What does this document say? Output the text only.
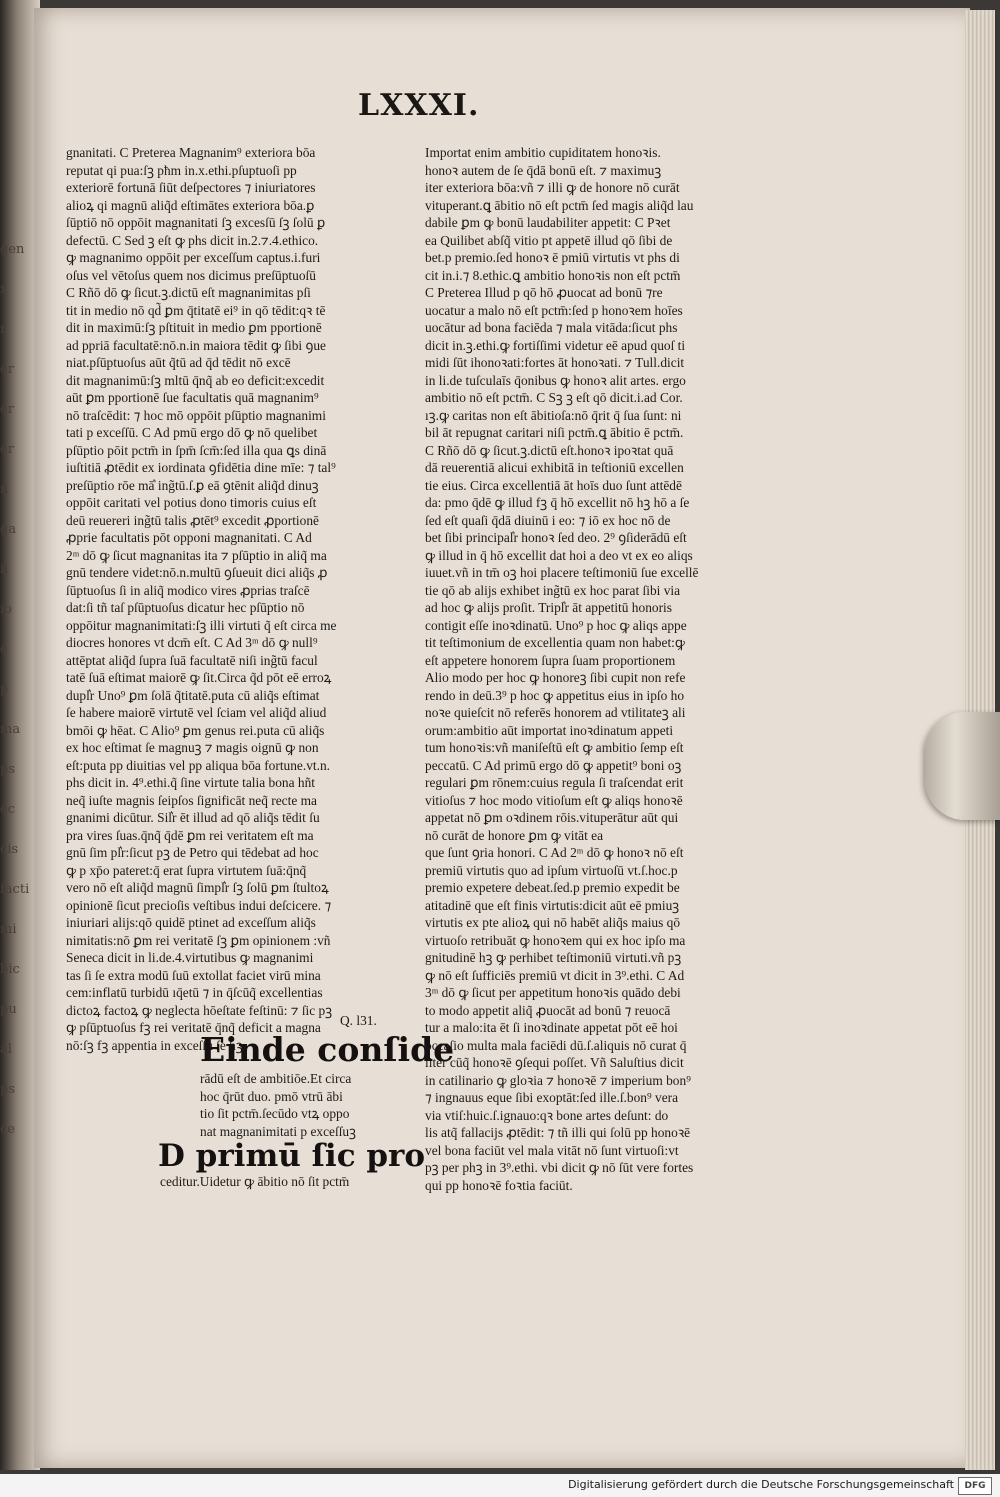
gen
x
r
er
er
er
n
ga
ii
io
e
p
ma
ps
ec
cis
facti
mi
bic
pu
al
ps
ce
LXXXI.
gnanitati. C Preterea Magnanim⁹ exteriora bōa
reputat qi pua:ſꝫ pħm in.x.ethi.pſuptuoſi pp
exteriorē fortunā ſiūt deſpectores ⁊ iniuriatores
alioꝝ qi magnū aliq̃d eſtimātes exteriora bōa.ꝑ
ſūptiō nō oppōit magnanitati ſꝫ excesſū ſꝫ ſolū ꝑ
defectū. C Sed ꝫ eſt ꝙ phs dicit in.2.⁊.4.ethico.
ꝙ magnanimo oppōit per exceſſum captus.i.furi
oſus vel vētoſus quem nos dicimus preſūptuoſū
C Rñō dō ꝙ ſicut.ꝫ.dictū eſt magnanimitas pſi
tit in medio nō qd̃ ꝑm q̄titatē ei⁹ in qō tēdit:qꝛ tē
dit in maximū:ſꝫ pſtituit in medio ꝑm pportionē
ad ppriā facultatē:nō.n.in maiora tēdit ꝙ ſibi ꝯue
niat.pſūptuoſus aūt q̃tū ad q̄d tēdit nō excē
dit magnanimū:ſꝫ mltū q̄nq̃ ab eo deficit:excedit
aūt ꝑm pportionē ſue facultatis quā magnanim⁹
nō traſcēdit: ⁊ hoc mō oppōit pſūptio magnanimi
tati p exceſſū. C Ad pmū ergo dō ꝙ nō quelibet
pſūptio pōit pctm̄ in ſpm̄ ſcm̄:ſed illa qua ꝗs dinā
iuſtitiā ꝓtēdit ex iordinata ꝯfidētia dine mīe: ⁊ tal⁹
preſūptio rōe mā͛ ing̃tū.ſ.ꝑ eā ꝯtēnit aliq̃d dinuꝫ
oppōit caritati vel potius dono timoris cuius eſt
deū reuereri ing̃tū talis ꝓtēt⁹ excedit ꝓportionē
ꝓprie facultatis pōt opponi magnanitati. C Ad
2ᵐ dō ꝙ ſicut magnanitas ita ⁊ pſūptio in aliq̃ ma
gnū tendere videt:nō.n.multū ꝯſueuit dici aliq̃s ꝓ
ſūptuoſus ſi in aliq̃ modico vires ꝓprias traſcē
dat:ſi tñ taſ pſūptuoſus dicatur hec pſūptio nō
oppōitur magnanimitati:ſꝫ illi virtuti q̃ eſt circa me
diocres honores vt dcm̄ eſt. C Ad 3ᵐ dō ꝙ null⁹
attēptat aliq̃d ſupra ſuā facultatē niſi ing̃tū facul
tatē ſuā eſtimat maiorē ꝙ ſit.Circa q̃d pōt eē erroꝝ
dupl͛r Uno⁹ ꝑm ſolā q̃titatē.puta cū aliq̃s eſtimat
ſe habere maiorē virtutē vel ſciam vel aliq̃d aliud
bmōi ꝙ hēat. C Alio⁹ ꝑm genus rei.puta cū aliq̃s
ex hoc eſtimat ſe magnuꝫ ⁊ magis oignū ꝙ non
eſt:puta pp diuitias vel pp aliqua bōa fortune.vt.n.
phs dicit in. 4⁹.ethi.q̃ ſine virtute talia bona hñt
neq̃ iuſte magnis ſeipſos ſignificāt neq̃ recte ma
gnanimi dicūtur. Sil͛r ēt illud ad qō aliq̃s tēdit ſu
pra vires ſuas.q̄nq̃ q̄dē ꝑm rei veritatem eſt ma
gnū ſim pl͛r:ſicut pꝫ de Petro qui tēdebat ad hoc
ꝙ p xp̄o pateret:q̄ erat ſupra virtutem ſuā:q̄nq̃
vero nō eſt aliq̃d magnū ſimpl͛r ſꝫ ſolū ꝑm ſtultoꝝ
opinionē ſicut precioſis veſtibus indui deſcicere. ⁊
iniuriari alijs:qō quidē ptinet ad exceſſum aliq̃s
nimitatis:nō ꝑm rei veritatē ſꝫ ꝑm opinionem :vñ
Seneca dicit in li.de.4.virtutibus ꝙ magnanimi
tas ſi ſe extra modū ſuū extollat faciet virū mina
cem:inflatū turbidū ıq̄etū ⁊ in q̄ſcūq̃ excellentias
dictoꝝ factoꝝ ꝙ neglecta hōeſtate feſtinū: ⁊ ſic pꝫ
ꝙ pſūptuoſus fꝫ rei veritatē q̄nq̃ deficit a magna
nō:ſꝫ fꝫ appentia in exceſſu ſe hꝫ.
Q. l31.
Einde conſide
rādū eſt de ambitiōe.Et circa
hoc q̄rūt duo. pmō vtrū ābi
tio ſit pctm̄.ſecūdo vtꝝ oppo
nat magnanimitati p exceſſuꝫ
D primū ſic pro
ceditur.Uidetur ꝙ ābitio nō ſit pctm̄
Importat enim ambitio cupiditatem honoꝛis.
honoꝛ autem de ſe q̄dā bonū eſt. ⁊ maximuꝫ
iter exteriora bōa:vñ ⁊ illi ꝙ de honore nō curāt
vituperant.ꝗ ābitio nō eſt pctm̄ ſed magis aliq̃d lau
dabile ꝑm ꝙ bonū laudabiliter appetit: C Pꝛet
ea Quilibet abſq̃ vitio pt appetē illud qō ſibi de
bet.p premio.ſed honoꝛ ē pmiū virtutis vt phs di
cit in.i.⁊ 8.ethic.ꝗ ambitio honoꝛis non eſt pctm̄
C Preterea Illud p qō hō ꝓuocat ad bonū ⁊re
uocatur a malo nō eſt pctm̄:ſed p honoꝛem hoīes
uocātur ad bona faciēda ⁊ mala vitāda:ſicut phs
dicit in.ꝫ.ethi.ꝙ fortiſſimi videtur eē apud quoſ ti
midi ſūt ihonoꝛati:fortes āt honoꝛati. ⁊ Tull.dicit
in li.de tuſculaīs q̄onibus ꝙ honoꝛ alit artes. ergo
ambitio nō eſt pctm̄. C Sꝫ ꝫ eſt qō dicit.i.ad Cor.
ıꝫ.ꝙ caritas non eſt ābitioſa:nō q̄rit q̄ ſua ſunt: ni
bil āt repugnat caritari niſi pctm̄.ꝗ ābitio ē pctm̄.
C Rñō dō ꝙ ſicut.ꝫ.dictū eſt.honoꝛ ipoꝛtat quā
dā reuerentiā alicui exhibitā in teſtioniū excellen
tie eius. Circa excellentiā āt hoīs duo ſunt attēdē
da: pmo q̄dē ꝙ illud fꝫ q̄ hō excellit nō hꝫ hō a ſe
ſed eſt quaſi q̄dā diuinū i eo: ⁊ iō ex hoc nō de
bet ſibi principal͛r honoꝛ ſed deo. 2⁹ ꝯſiderādū eſt
ꝙ illud in q̄ hō excellit dat hoi a deo vt ex eo aliqs
iuuet.vñ in tm̄ oꝫ hoi placere teſtimoniū ſue excellē
tie qō ab alijs exhibet ing̃tū ex hoc parat ſibi via
ad hoc ꝙ alijs proſit. Tripl͛r āt appetitū honoris
contigit eſſe inoꝛdinatū. Uno⁹ p hoc ꝙ aliqs appe
tit teſtimonium de excellentia quam non habet:ꝙ
eſt appetere honorem ſupra ſuam proportionem
Alio modo per hoc ꝙ honoreꝫ ſibi cupit non refe
rendo in deū.3⁹ p hoc ꝙ appetitus eius in ipſo ho
noꝛe quieſcit nō referēs honorem ad vtilitateꝫ ali
orum:ambitio aūt importat inoꝛdinatum appeti
tum honoꝛis:vñ maniſeſtū eſt ꝙ ambitio ſemp eſt
peccatū. C Ad primū ergo dō ꝙ appetit⁹ boni oꝫ
regulari ꝑm rōnem:cuius regula ſi traſcendat erit
vitioſus ⁊ hoc modo vitioſum eſt ꝙ aliqs honoꝛē
appetat nō ꝑm oꝛdinem rōis.vituperātur aūt qui
nō curāt de honore ꝑm ꝙ vitāt ea
que ſunt ꝯria honori. C Ad 2ᵐ dō ꝙ honoꝛ nō eſt
premiū virtutis quo ad ipſum virtuoſū vt.ſ.hoc.p
premio expetere debeat.ſed.p premio expedit be
atitadinē que eſt finis virtutis:dicit aūt eē pmiuꝫ
virtutis ex pte alioꝝ qui nō habēt aliq̃s maius qō
virtuoſo retribuāt ꝙ honoꝛem qui ex hoc ipſo ma
gnitudinē hꝫ ꝙ perhibet teſtimoniū virtuti.vñ pꝫ
ꝙ nō eſt ſufficiēs premiū vt dicit in 3⁹.ethi. C Ad
3ᵐ dō ꝙ ſicut per appetitum honoꝛis quādo debi
to modo appetit aliq̃ ꝓuocāt ad bonū ⁊ reuocā
tur a malo:ita ēt ſi inoꝛdinate appetat pōt eē hoi
occaſio multa mala faciēdi dū.ſ.aliquis nō curat q̄
liter cūq̃ honoꝛē ꝯſequi poſſet. Vñ Saluſtius dicit
in catilinario ꝙ gloꝛia ⁊ honoꝛē ⁊ imperium bon⁹
⁊ ingnauus eque ſibi exoptāt:ſed ille.ſ.bon⁹ vera
via vtiſ:huic.ſ.ignauo:qꝛ bone artes deſunt: do
lis atq̃ fallacijs ꝓtēdit: ⁊ tñ illi qui ſolū pp honoꝛē
vel bona faciūt vel mala vitāt nō ſunt virtuoſi:vt
pꝫ per phꝫ in 3⁹.ethi. vbi dicit ꝙ nō ſūt vere fortes
qui pp honoꝛē foꝛtia faciūt.
Digitalisierung gefördert durch die Deutsche Forschungsgemeinschaft	DFG
